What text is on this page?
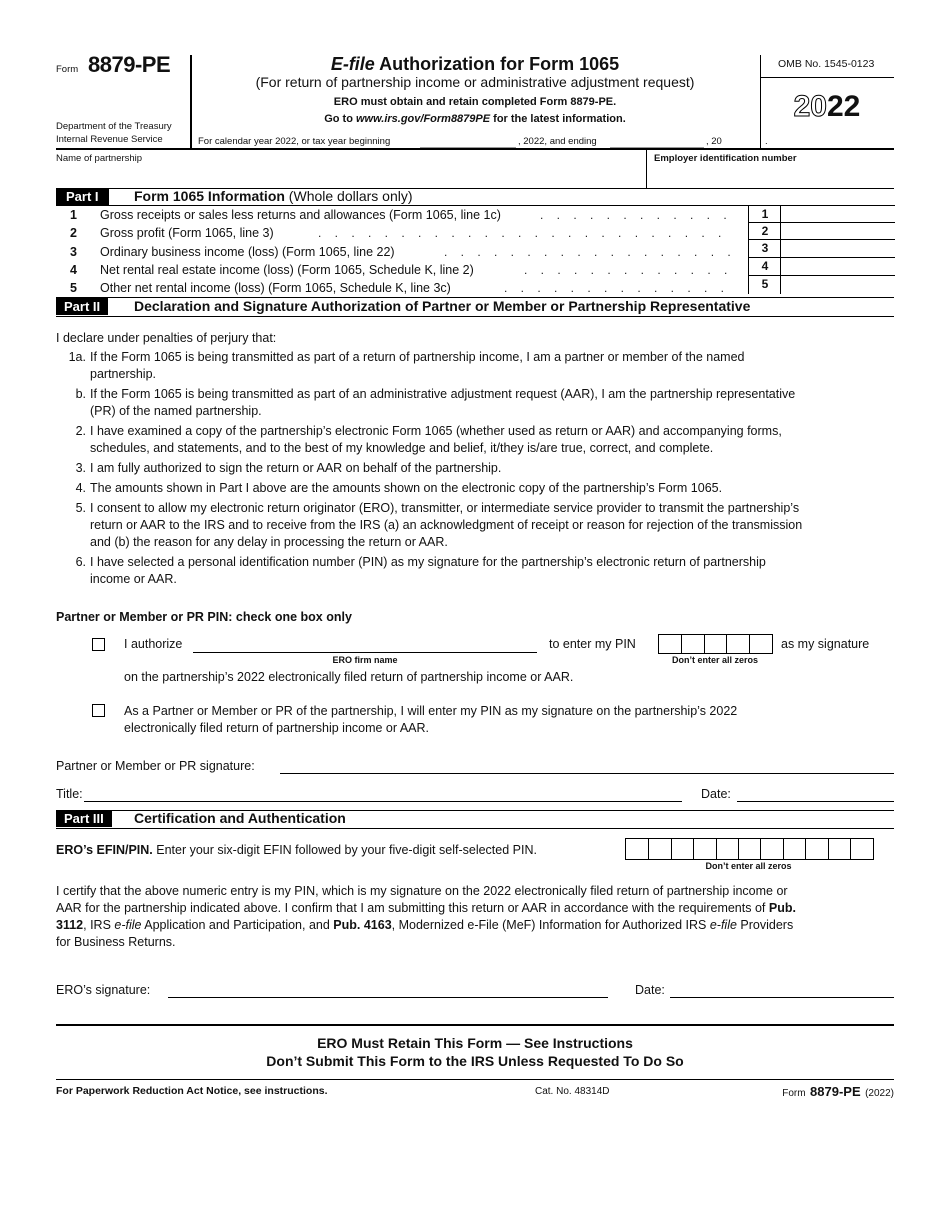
Form 8879-PE
Department of the Treasury
Internal Revenue Service
E-file Authorization for Form 1065
(For return of partnership income or administrative adjustment request)
ERO must obtain and retain completed Form 8879-PE.
Go to www.irs.gov/Form8879PE for the latest information.
OMB No. 1545-0123
2022
For calendar year 2022, or tax year beginning	, 2022, and ending	, 20	.
Name of partnership	Employer identification number
Part I	Form 1065 Information (Whole dollars only)
1 Gross receipts or sales less returns and allowances (Form 1065, line 1c)	. . . . . . . . . . . .	1
2 Gross profit (Form 1065, line 3)	. . . . . . . . . . . . . . . . . . . . . . . . .	2
3 Ordinary business income (loss) (Form 1065, line 22)	. . . . . . . . . . . . . . . . . .	3
4 Net rental real estate income (loss) (Form 1065, Schedule K, line 2)	. . . . . . . . . . . . .	4
5 Other net rental income (loss) (Form 1065, Schedule K, line 3c)	. . . . . . . . . . . . . .	5
Part II	Declaration and Signature Authorization of Partner or Member or Partnership Representative
I declare under penalties of perjury that:
1a. If the Form 1065 is being transmitted as part of a return of partnership income, I am a partner or member of the named
partnership.
b. If the Form 1065 is being transmitted as part of an administrative adjustment request (AAR), I am the partnership representative
(PR) of the named partnership.
2. I have examined a copy of the partnership’s electronic Form 1065 (whether used as return or AAR) and accompanying forms,
schedules, and statements, and to the best of my knowledge and belief, it/they is/are true, correct, and complete.
3. I am fully authorized to sign the return or AAR on behalf of the partnership.
4. The amounts shown in Part I above are the amounts shown on the electronic copy of the partnership’s Form 1065.
5. I consent to allow my electronic return originator (ERO), transmitter, or intermediate service provider to transmit the partnership’s
return or AAR to the IRS and to receive from the IRS (a) an acknowledgment of receipt or reason for rejection of the transmission
and (b) the reason for any delay in processing the return or AAR.
6. I have selected a personal identification number (PIN) as my signature for the partnership’s electronic return of partnership
income or AAR.
Partner or Member or PR PIN: check one box only
I authorize
ERO firm name
to enter my PIN
Don’t enter all zeros
as my signature
on the partnership’s 2022 electronically filed return of partnership income or AAR.
As a Partner or Member or PR of the partnership, I will enter my PIN as my signature on the partnership’s 2022
electronically filed return of partnership income or AAR.
Partner or Member or PR signature:
Title:	Date:
Part III	Certification and Authentication
ERO’s EFIN/PIN. Enter your six-digit EFIN followed by your five-digit self-selected PIN.
Don’t enter all zeros
I certify that the above numeric entry is my PIN, which is my signature on the 2022 electronically filed return of partnership income or
AAR for the partnership indicated above. I confirm that I am submitting this return or AAR in accordance with the requirements of Pub.
3112, IRS e-file Application and Participation, and Pub. 4163, Modernized e-File (MeF) Information for Authorized IRS e-file Providers
for Business Returns.
ERO’s signature:	Date:
ERO Must Retain This Form — See Instructions
Don’t Submit This Form to the IRS Unless Requested To Do So
For Paperwork Reduction Act Notice, see instructions.	Cat. No. 48314D	Form 8879-PE (2022)
